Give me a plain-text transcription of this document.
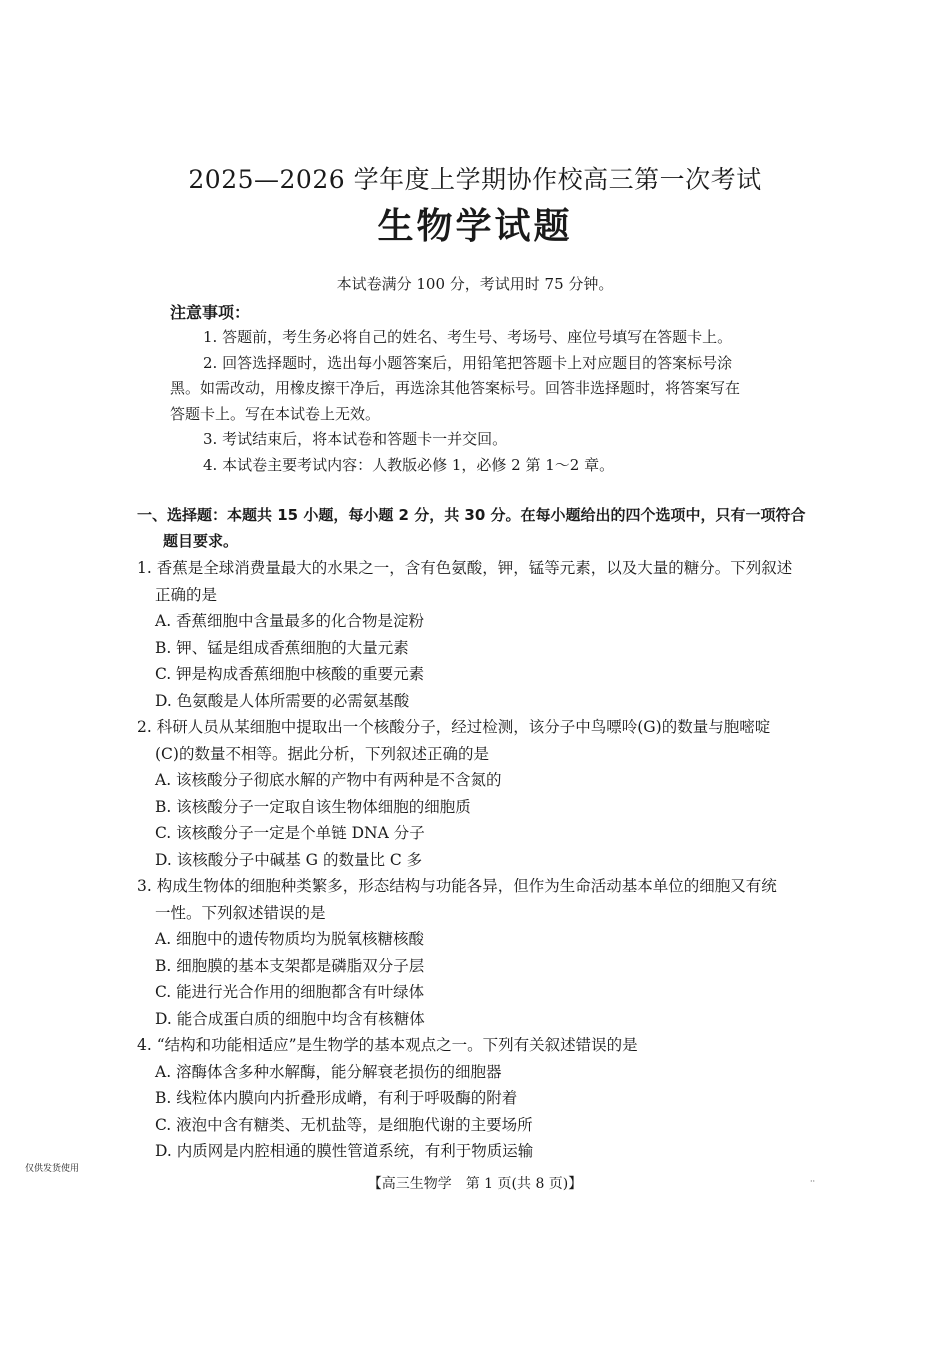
2025—2026 学年度上学期协作校高三第一次考试
生物学试题
本试卷满分 100 分，考试用时 75 分钟。
注意事项：
1. 答题前，考生务必将自己的姓名、考生号、考场号、座位号填写在答题卡上。
2. 回答选择题时，选出每小题答案后，用铅笔把答题卡上对应题目的答案标号涂
黑。如需改动，用橡皮擦干净后，再选涂其他答案标号。回答非选择题时，将答案写在
答题卡上。写在本试卷上无效。
3. 考试结束后，将本试卷和答题卡一并交回。
4. 本试卷主要考试内容：人教版必修 1，必修 2 第 1～2 章。
一、选择题：本题共 15 小题，每小题 2 分，共 30 分。在每小题给出的四个选项中，只有一项符合
题目要求。
1. 香蕉是全球消费量最大的水果之一，含有色氨酸，钾，锰等元素，以及大量的糖分。下列叙述
正确的是
A. 香蕉细胞中含量最多的化合物是淀粉
B. 钾、锰是组成香蕉细胞的大量元素
C. 钾是构成香蕉细胞中核酸的重要元素
D. 色氨酸是人体所需要的必需氨基酸
2. 科研人员从某细胞中提取出一个核酸分子，经过检测，该分子中鸟嘌呤(G)的数量与胞嘧啶
(C)的数量不相等。据此分析，下列叙述正确的是
A. 该核酸分子彻底水解的产物中有两种是不含氮的
B. 该核酸分子一定取自该生物体细胞的细胞质
C. 该核酸分子一定是个单链 DNA 分子
D. 该核酸分子中碱基 G 的数量比 C 多
3. 构成生物体的细胞种类繁多，形态结构与功能各异，但作为生命活动基本单位的细胞又有统
一性。下列叙述错误的是
A. 细胞中的遗传物质均为脱氧核糖核酸
B. 细胞膜的基本支架都是磷脂双分子层
C. 能进行光合作用的细胞都含有叶绿体
D. 能合成蛋白质的细胞中均含有核糖体
4. “结构和功能相适应”是生物学的基本观点之一。下列有关叙述错误的是
A. 溶酶体含多种水解酶，能分解衰老损伤的细胞器
B. 线粒体内膜向内折叠形成嵴，有利于呼吸酶的附着
C. 液泡中含有糖类、无机盐等，是细胞代谢的主要场所
D. 内质网是内腔相通的膜性管道系统，有利于物质运输
仅供发货使用
【高三生物学　第 1 页(共 8 页)】	··
